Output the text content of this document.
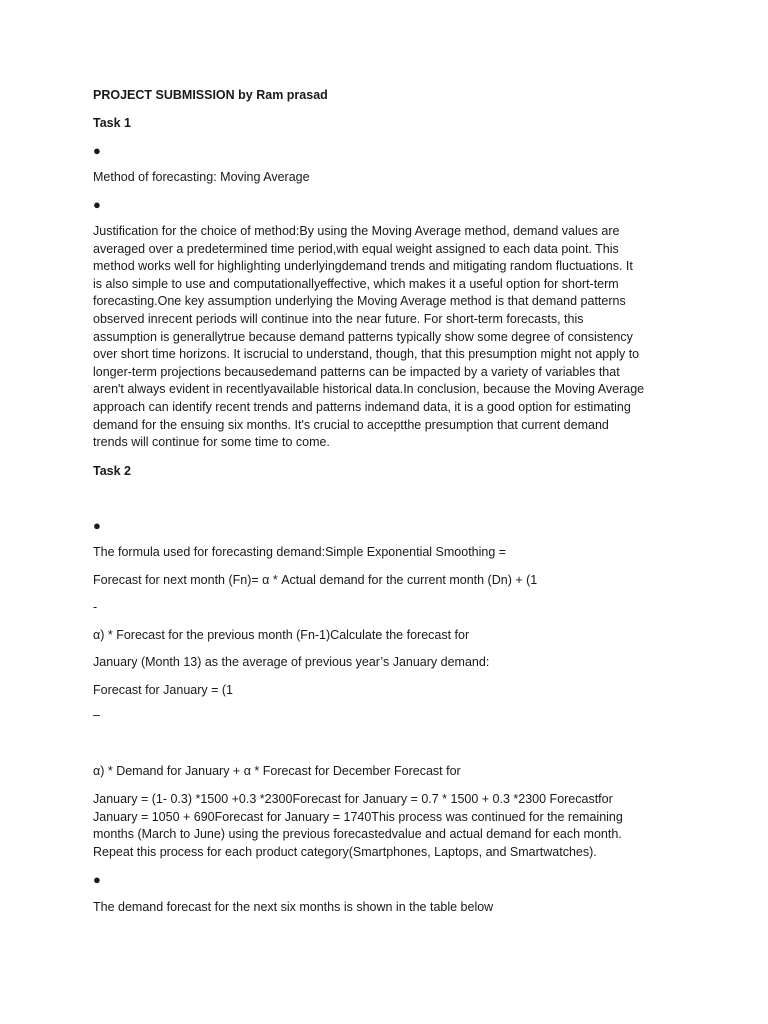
PROJECT SUBMISSION by Ram prasad
Task 1
●
Method of forecasting: Moving Average
●
Justification for the choice of method:By using the Moving Average method, demand values are
averaged over a predetermined time period,with equal weight assigned to each data point. This
method works well for highlighting underlyingdemand trends and mitigating random fluctuations. It
is also simple to use and computationallyeffective, which makes it a useful option for short-term
forecasting.One key assumption underlying the Moving Average method is that demand patterns
observed inrecent periods will continue into the near future. For short-term forecasts, this
assumption is generallytrue because demand patterns typically show some degree of consistency
over short time horizons. It iscrucial to understand, though, that this presumption might not apply to
longer-term projections becausedemand patterns can be impacted by a variety of variables that
aren't always evident in recentlyavailable historical data.In conclusion, because the Moving Average
approach can identify recent trends and patterns indemand data, it is a good option for estimating
demand for the ensuing six months. It's crucial to acceptthe presumption that current demand
trends will continue for some time to come.
Task 2
●
The formula used for forecasting demand:Simple Exponential Smoothing =
Forecast for next month (Fn)= α * Actual demand for the current month (Dn) + (1
-
α) * Forecast for the previous month (Fn-1)Calculate the forecast for
January (Month 13) as the average of previous year’s January demand:
Forecast for January = (1
–
α) * Demand for January + α * Forecast for December Forecast for
January = (1- 0.3) *1500 +0.3 *2300Forecast for January = 0.7 * 1500 + 0.3 *2300 Forecastfor
January = 1050 + 690Forecast for January = 1740This process was continued for the remaining
months (March to June) using the previous forecastedvalue and actual demand for each month.
Repeat this process for each product category(Smartphones, Laptops, and Smartwatches).
●
The demand forecast for the next six months is shown in the table below
